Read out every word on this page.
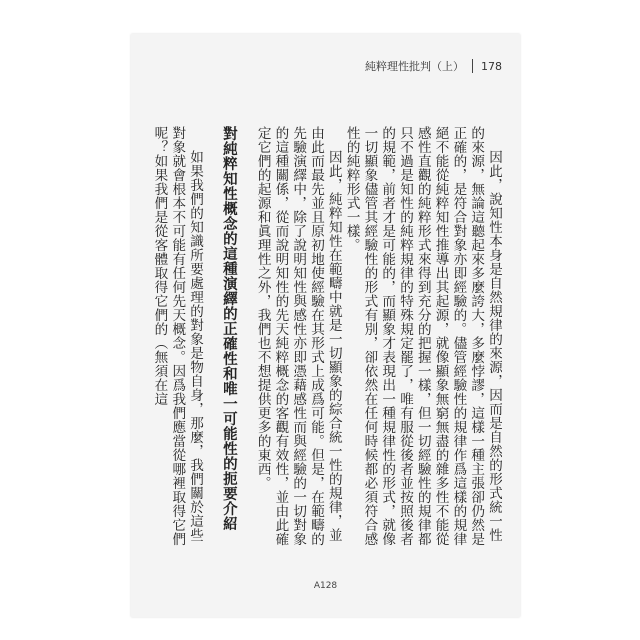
純粹理性批判（上） 178

因此，說知性本身是自然規律的來源，因而是自然的形式統一性的來源，無論這聽起來多麼誇大，多麼悖謬，這樣一種主張卻仍然是正確的，是符合對象亦即經驗的。儘管經驗性的規律作爲這樣的規律絕不能從純粹知性推導出其起源，就像顯象無窮無盡的雜多性不能從感性直觀的純粹形式來得到充分的把握一樣，但一切經驗性的規律都只不過是知性的純粹規律的特殊規定罷了，唯有服從後者並按照後者的規範，前者才是可能的，而顯象才表現出一種規律性的形式，就像一切顯象儘管其經驗性的形式有別，卻依然在任何時候都必須符合感性的純粹形式一樣。

因此，純粹知性在範疇中就是一切顯象的綜合統一性的規律，並由此而最先並且原初地使經驗在其形式上成爲可能。但是，在範疇的先驗演繹中，除了說明知性與感性亦即憑藉感性而與經驗的一切對象的這種關係，從而說明知性的先天純粹概念的客觀有效性，並由此確定它們的起源和眞理性之外，我們也不想提供更多的東西。

對純粹知性概念的這種演繹的正確性和唯一可能性的扼要介紹

如果我們的知識所要處理的對象是物自身，那麼，我們關於這些對象就會根本不可能有任何先天概念。因爲我們應當從哪裡取得它們呢？如果我們是從客體取得它們的（無須在這

A128
